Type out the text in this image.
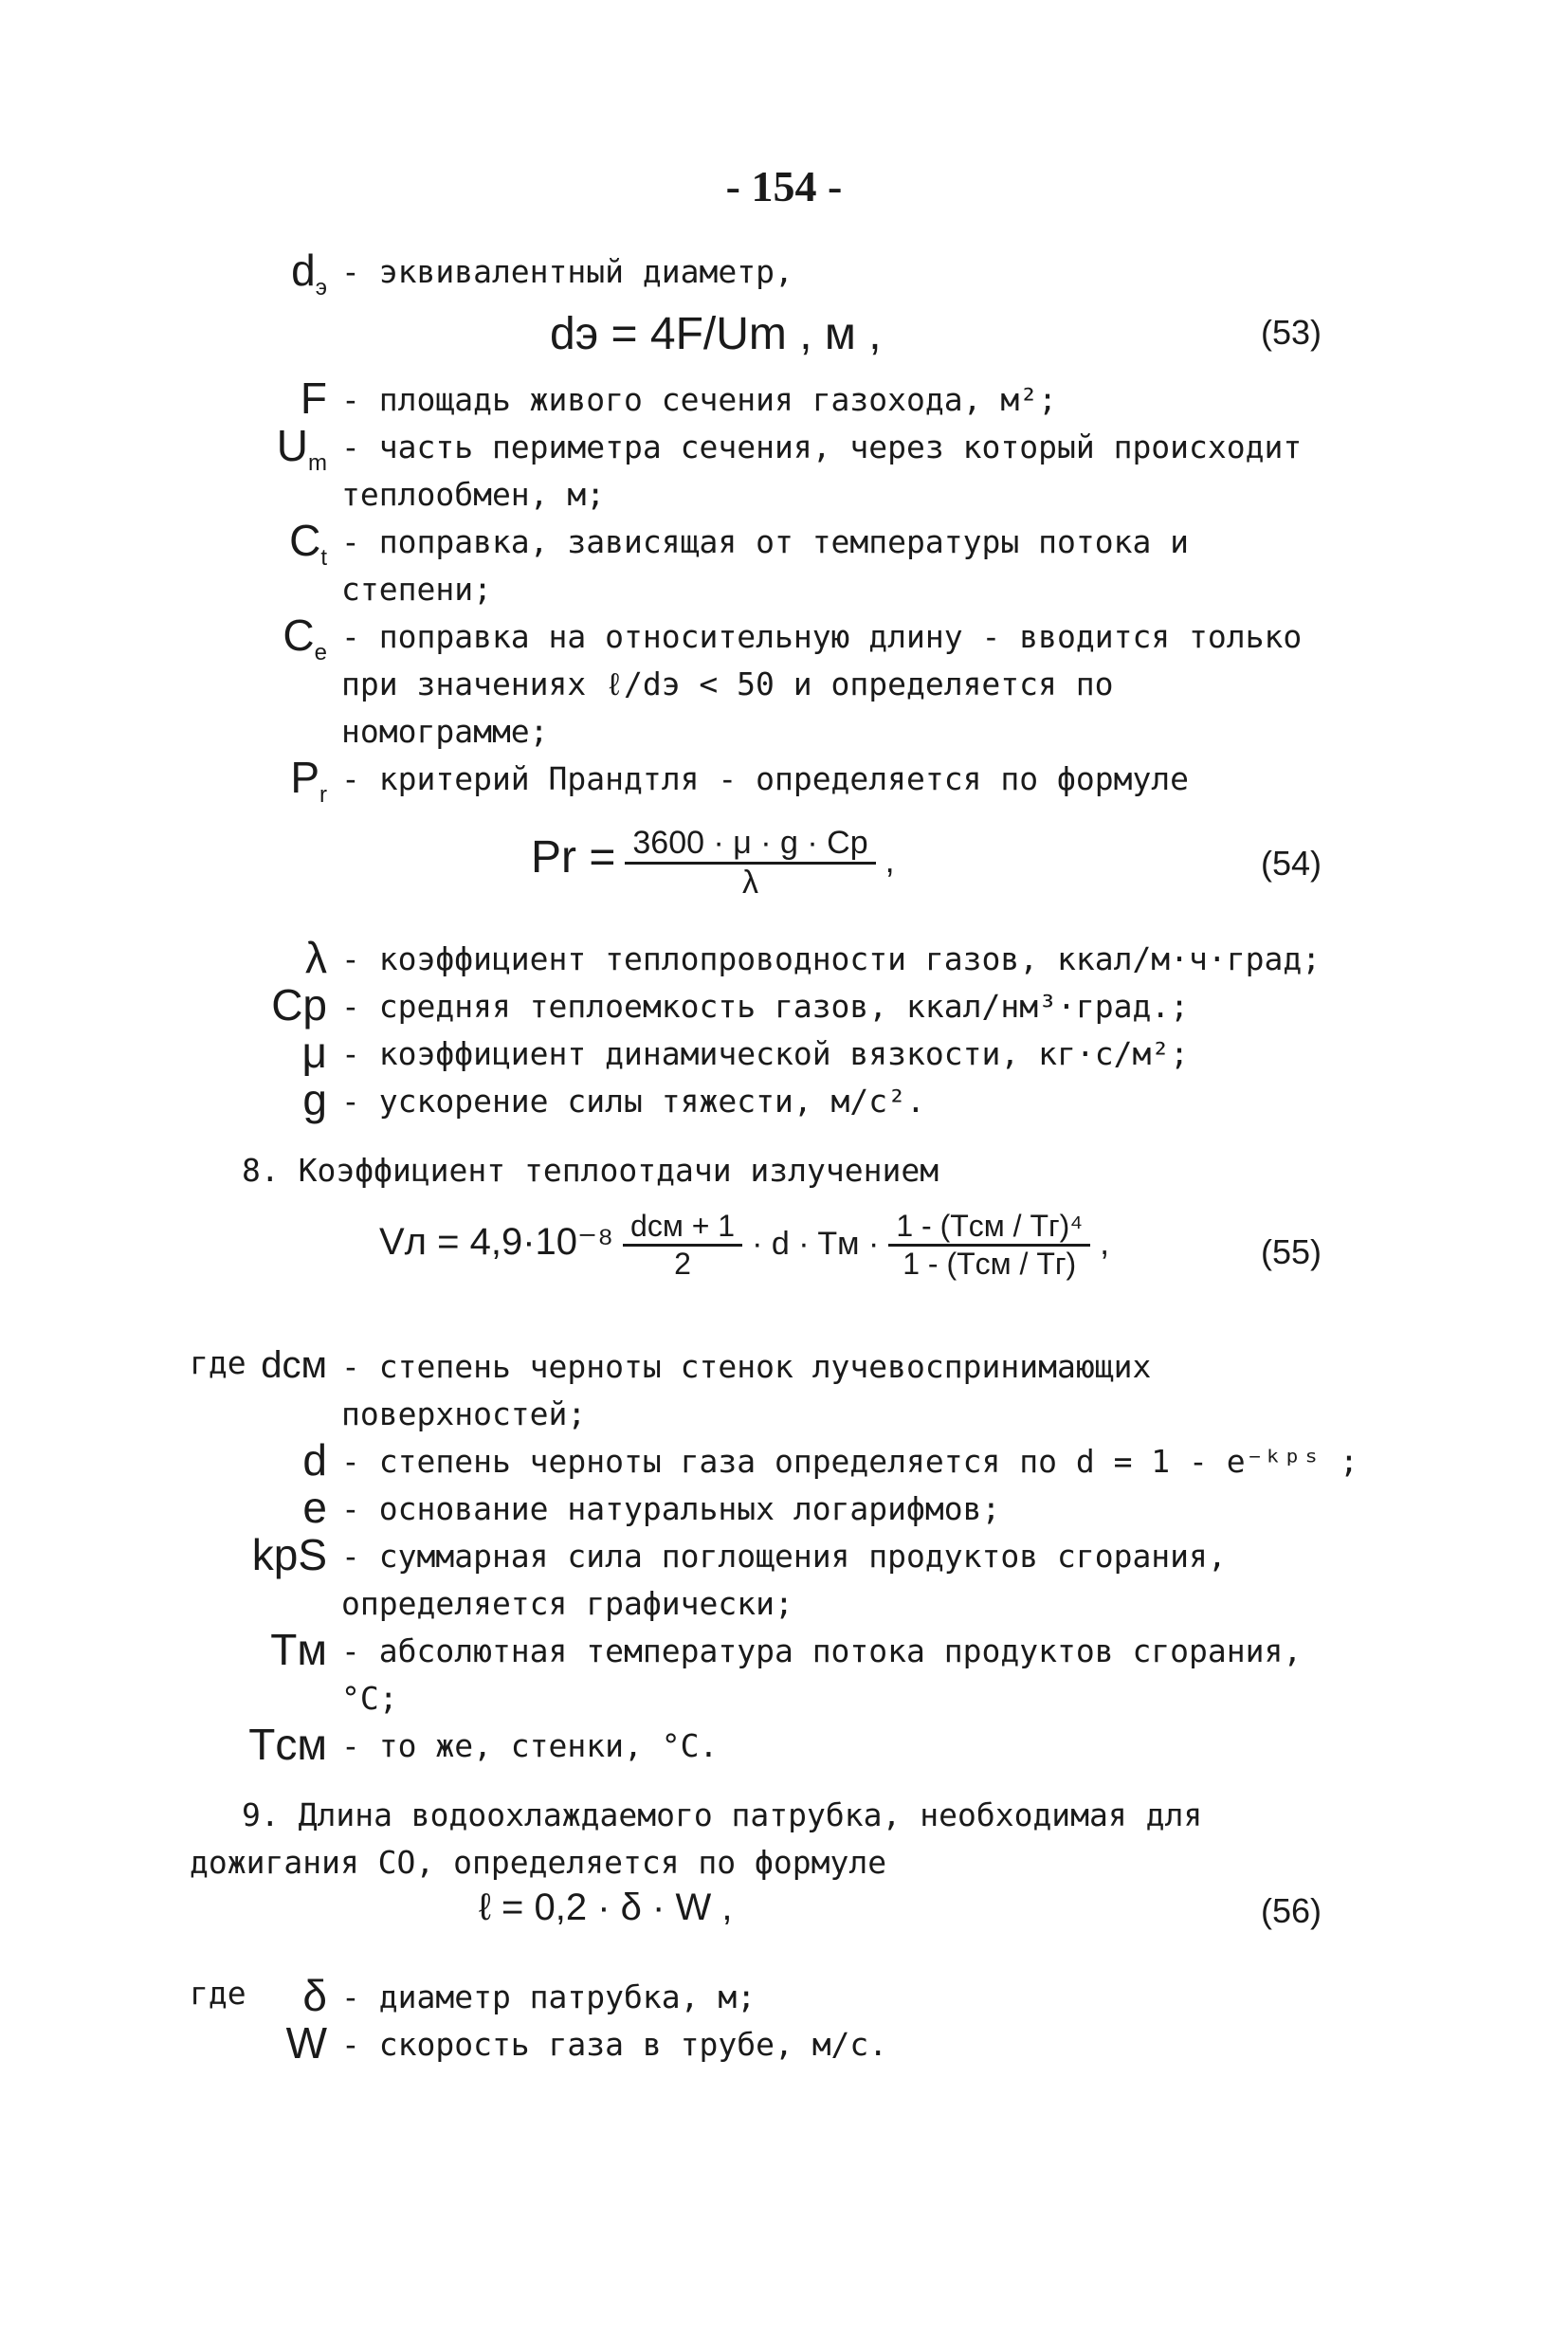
- 154 -
$d_э$ - эквивалентный диаметр,
dэ = 4F/Um , м ,	(53)
F - площадь живого сечения газохода, м²;
$U_m$ - часть периметра сечения, через который происходит теплообмен, м;
$C_t$ - поправка, зависящая от температуры потока и степени;
$C_e$ - поправка на относительную длину - вводится только при значениях ℓ/dэ < 50 и определяется по номограмме;
$P_r$ - критерий Прандтля - определяется по формуле
$Pr = \frac{3600 \cdot \mu \cdot g \cdot Cр}{\lambda}$ ,	(54)
λ - коэффициент теплопроводности газов, ккал/м·ч·град;
Cр - средняя теплоемкость газов, ккал/нм³·град.;
μ - коэффициент динамической вязкости, кг·с/м²;
g - ускорение силы тяжести, м/с².
8. Коэффициент теплоотдачи излучением
Vл = $4,9\cdot 10^{-8} \frac{\text{dсм + 1}}{2} \cdot d$ · Tм · $\frac{\text{1 - (Tсм / Tг)⁴}}{\text{1 - (Tсм / Tг)}}$ ,	(55)
где dсм - степень черноты стенок лучевоспринимающих поверхностей;
d - степень черноты газа определяется по d = 1 - e⁻ᵏᵖˢ ;
e - основание натуральных логарифмов;
kpS - суммарная сила поглощения продуктов сгорания, определяется графически;
Tм - абсолютная температура потока продуктов сгорания, °C;
Tсм - то же, стенки, °C.
9. Длина водоохлаждаемого патрубка, необходимая для дожигания СО, определяется по формуле
ℓ = 0,2 · δ · W ,	(56)
где	δ - диаметр патрубка, м;
W - скорость газа в трубе, м/с.
